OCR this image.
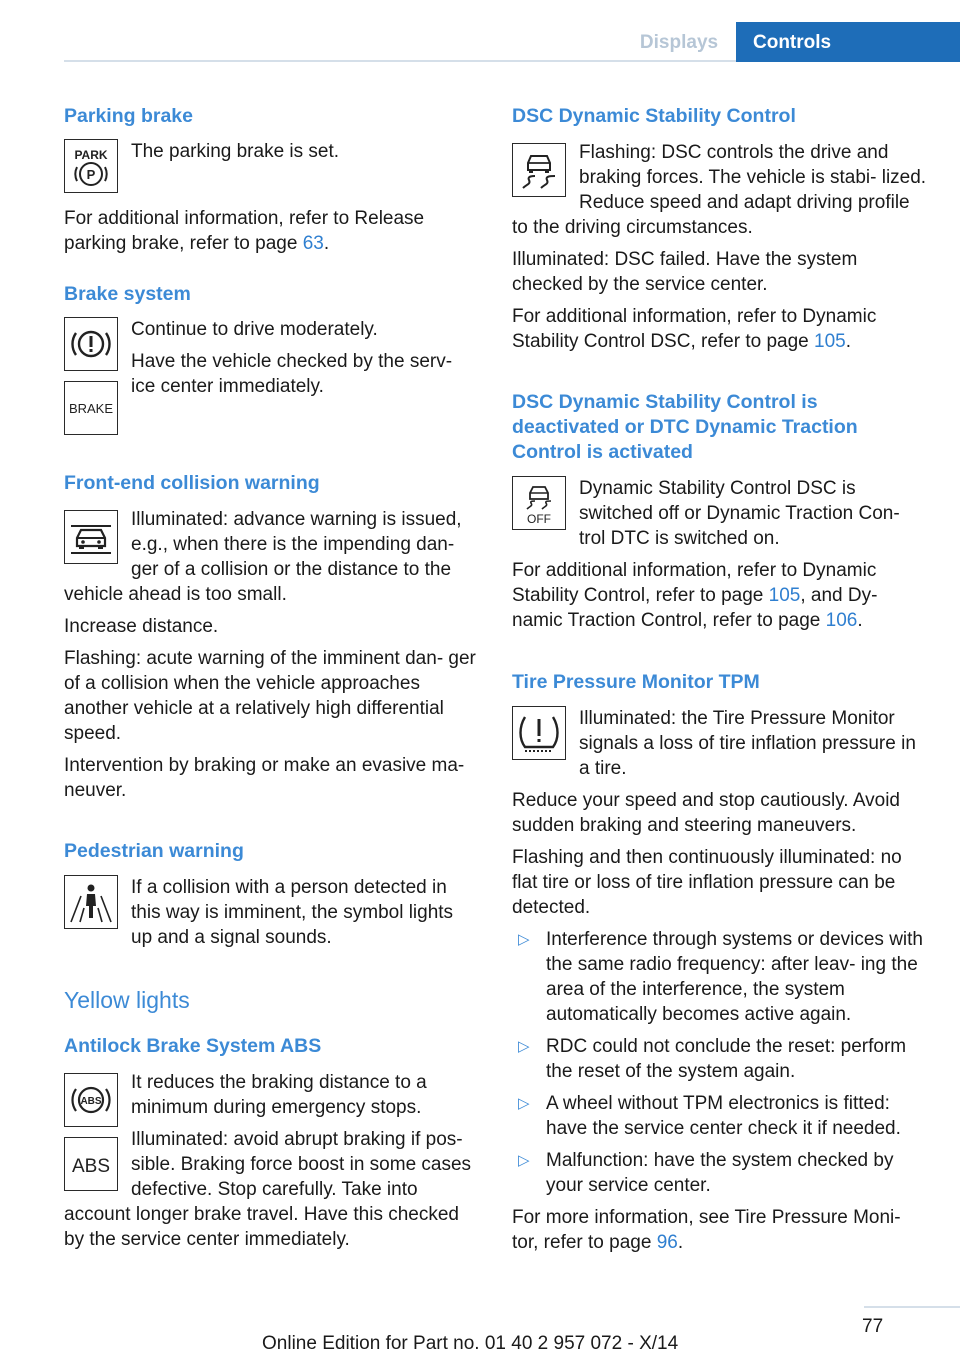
Displays	Controls
Parking brake
PARK
P

The parking brake is set.

For additional information, refer to Release parking brake, refer to page 63.

Brake system
BRAKE

Continue to drive moderately.

Have the vehicle checked by the serv‐ ice center immediately.

Front-end collision warning

Illuminated: advance warning is issued, e.g., when there is the impending dan‐ ger of a collision or the distance to the vehicle ahead is too small.

Increase distance.

Flashing: acute warning of the imminent dan‐ ger of a collision when the vehicle approaches another vehicle at a relatively high differential speed.

Intervention by braking or make an evasive ma‐ neuver.

Pedestrian warning

If a collision with a person detected in this way is imminent, the symbol lights up and a signal sounds.

Yellow lights
Antilock Brake System ABS
ABS
ABS

It reduces the braking distance to a minimum during emergency stops.

Illuminated: avoid abrupt braking if pos‐ sible. Braking force boost in some cases defective. Stop carefully. Take into account longer brake travel. Have this checked by the service center immediately.

DSC Dynamic Stability Control

Flashing: DSC controls the drive and braking forces. The vehicle is stabi‐ lized. Reduce speed and adapt driving profile to the driving circumstances.

Illuminated: DSC failed. Have the system checked by the service center.

For additional information, refer to Dynamic Stability Control DSC, refer to page 105.

DSC Dynamic Stability Control is deactivated or DTC Dynamic Traction Control is activated
OFF

Dynamic Stability Control DSC is switched off or Dynamic Traction Con‐ trol DTC is switched on.

For additional information, refer to Dynamic Stability Control, refer to page 105, and Dy‐ namic Traction Control, refer to page 106.

Tire Pressure Monitor TPM

Illuminated: the Tire Pressure Monitor signals a loss of tire inflation pressure in a tire.

Reduce your speed and stop cautiously. Avoid sudden braking and steering maneuvers.

Flashing and then continuously illuminated: no flat tire or loss of tire inflation pressure can be detected.

▷ Interference through systems or devices with the same radio frequency: after leav‐ ing the area of the interference, the system automatically becomes active again.
▷ RDC could not conclude the reset: perform the reset of the system again.
▷ A wheel without TPM electronics is fitted: have the service center check it if needed.
▷ Malfunction: have the system checked by your service center.

For more information, see Tire Pressure Moni‐ tor, refer to page 96.

77
Online Edition for Part no. 01 40 2 957 072 - X/14
